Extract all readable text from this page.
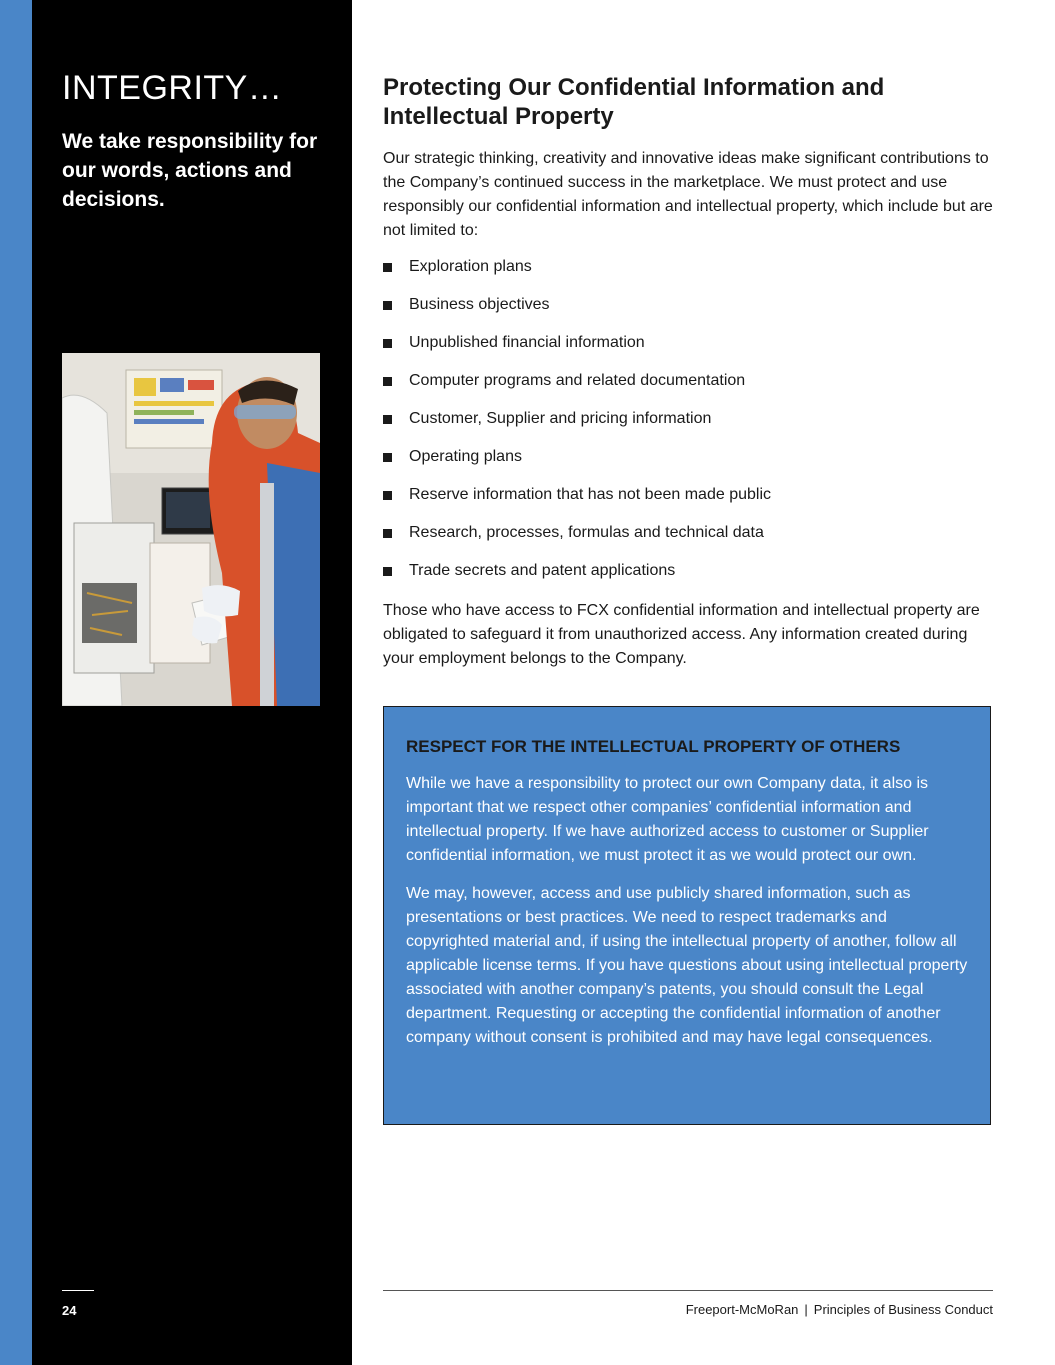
INTEGRITY…

We take responsibility for our words, actions and decisions.

24
Protecting Our Confidential Information and Intellectual Property

Our strategic thinking, creativity and innovative ideas make significant contributions to the Company’s continued success in the marketplace. We must protect and use responsibly our confidential information and intellectual property, which include but are not limited to:

Exploration plans
Business objectives
Unpublished financial information
Computer programs and related documentation
Customer, Supplier and pricing information
Operating plans
Reserve information that has not been made public
Research, processes, formulas and technical data
Trade secrets and patent applications

Those who have access to FCX confidential information and intellectual property are obligated to safeguard it from unauthorized access. Any information created during your employment belongs to the Company.

RESPECT FOR THE INTELLECTUAL PROPERTY OF OTHERS

While we have a responsibility to protect our own Company data, it also is important that we respect other companies’ confidential information and intellectual property. If we have authorized access to customer or Supplier confidential information, we must protect it as we would protect our own.

We may, however, access and use publicly shared information, such as presentations or best practices. We need to respect trademarks and copyrighted material and, if using the intellectual property of another, follow all applicable license terms. If you have questions about using intellectual property associated with another company’s patents, you should consult the Legal department. Requesting or accepting the confidential information of another company without consent is prohibited and may have legal consequences.

Freeport-McMoRan | Principles of Business Conduct
